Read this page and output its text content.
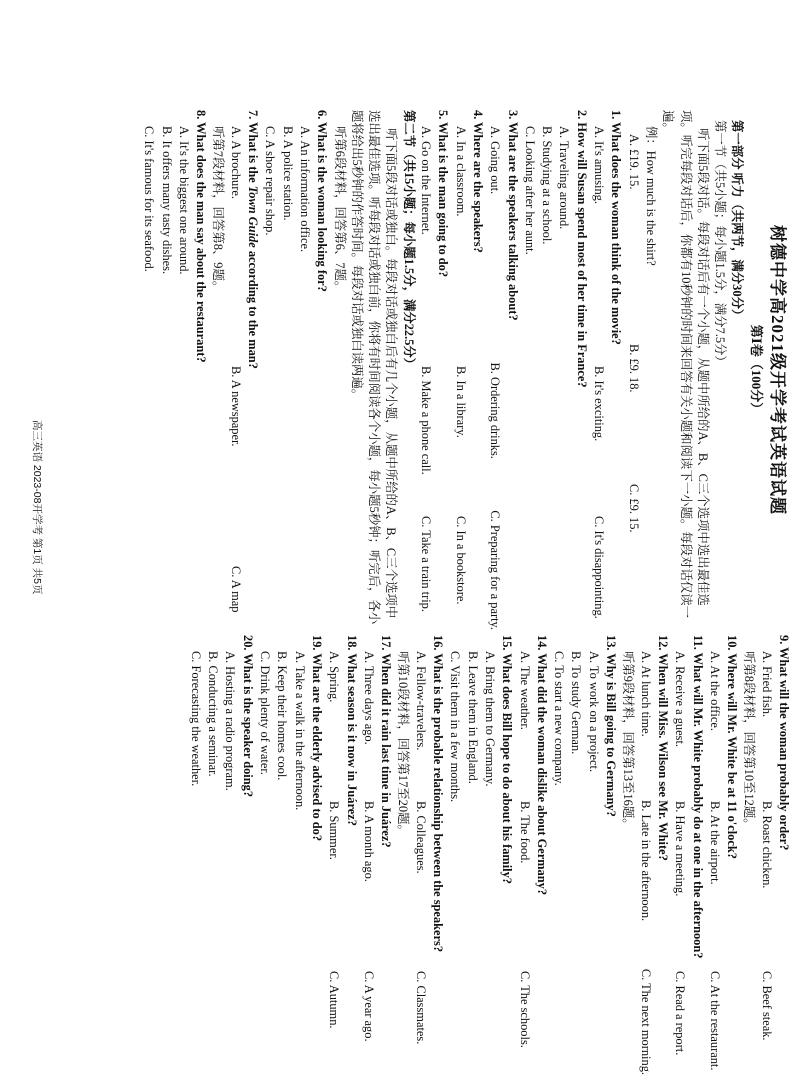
树德中学高2021级开学考试英语试题
第Ⅰ卷（100分）
第一部分 听力（共两节，满分30分）
第一节（共5小题；每小题1.5分，满分7.5分）
听下面5段对话。每段对话后有一个小题，从题中所给的A、B、C三个选项中选出最佳选项。听完每段对话后，你都有10秒钟的时间来回答有关小题和阅读下一小题。每段对话仅读一遍。
例：How much is the shirt?
A. £19. 15.
B. £9. 18.
C. £9. 15.
1. What does the woman think of the movie?
A. It's amusing.
B. It's exciting.
C. It's disappointing.
2. How will Susan spend most of her time in France?
A. Traveling around.
B. Studying at a school.
C. Looking after her aunt.
3. What are the speakers talking about?
A. Going out.
B. Ordering drinks.
C. Preparing for a party.
4. Where are the speakers?
A. In a classroom.
B. In a library.
C. In a bookstore.
5. What is the man going to do?
A. Go on the Internet.
B. Make a phone call.
C. Take a train trip.
第二节（共15小题；每小题1.5分，满分22.5分）
听下面5段对话或独白。每段对话或独白后有几个小题，从题中所给的A、B、C三个选项中选出最佳选项。听每段对话或独白前，你将有时间阅读各个小题，每小题5秒钟；听完后，各小题将给出5秒钟的作答时间。每段对话或独白读两遍。
听第6段材料，回答第6、7题。
6. What is the woman looking for?
A. An information office.
B. A police station.
C. A shoe repair shop.
7. What is the Town Guide according to the man?
A. A brochure.
B. A newspaper.
C. A map
听第7段材料，回答第8、9题。
8. What does the man say about the restaurant?
A. It's the biggest one around.
B. It offers many tasty dishes.
C. It's famous for its seafood.
9. What will the woman probably order?
A. Fried fish.
B. Roast chicken.
C. Beef steak.
听第8段材料，回答第10至12题。
10. Where will Mr. White be at 11 o'clock?
A. At the office.
B. At the airport.
C. At the restaurant.
11. What will Mr. White probably do at one in the afternoon?
A. Receive a guest.
B. Have a meeting.
C. Read a report.
12. When will Miss. Wilson see Mr. White?
A. At lunch time.
B. Late in the afternoon.
C. The next morning.
听第9段材料，回答第13至16题。
13. Why is Bill going to Germany?
A. To work on a project.
B. To study German.
C. To start a new company.
14. What did the woman dislike about Germany?
A. The weather.
B. The food.
C. The schools.
15. What does Bill hope to do about his family?
A. Bring them to Germany.
B. Leave them in England.
C. Visit them in a few months.
16. What is the probable relationship between the speakers?
A. Fellow-travelers.
B. Colleagues.
C. Classmates.
听第10段材料，回答第17至20题。
17. When did it rain last time in Juárez?
A. Three days ago.
B. A month ago.
C. A year ago.
18. What season is it now in Juárez?
A. Spring.
B. Summer.
C. Autumn.
19. What are the elderly advised to do?
A. Take a walk in the afternoon.
B. Keep their homes cool.
C. Drink plenty of water.
20. What is the speaker doing?
A. Hosting a radio program.
B. Conducting a seminar.
C. Forecasting the weather.
高三英语 2023-08开学考 第1页 共5页
